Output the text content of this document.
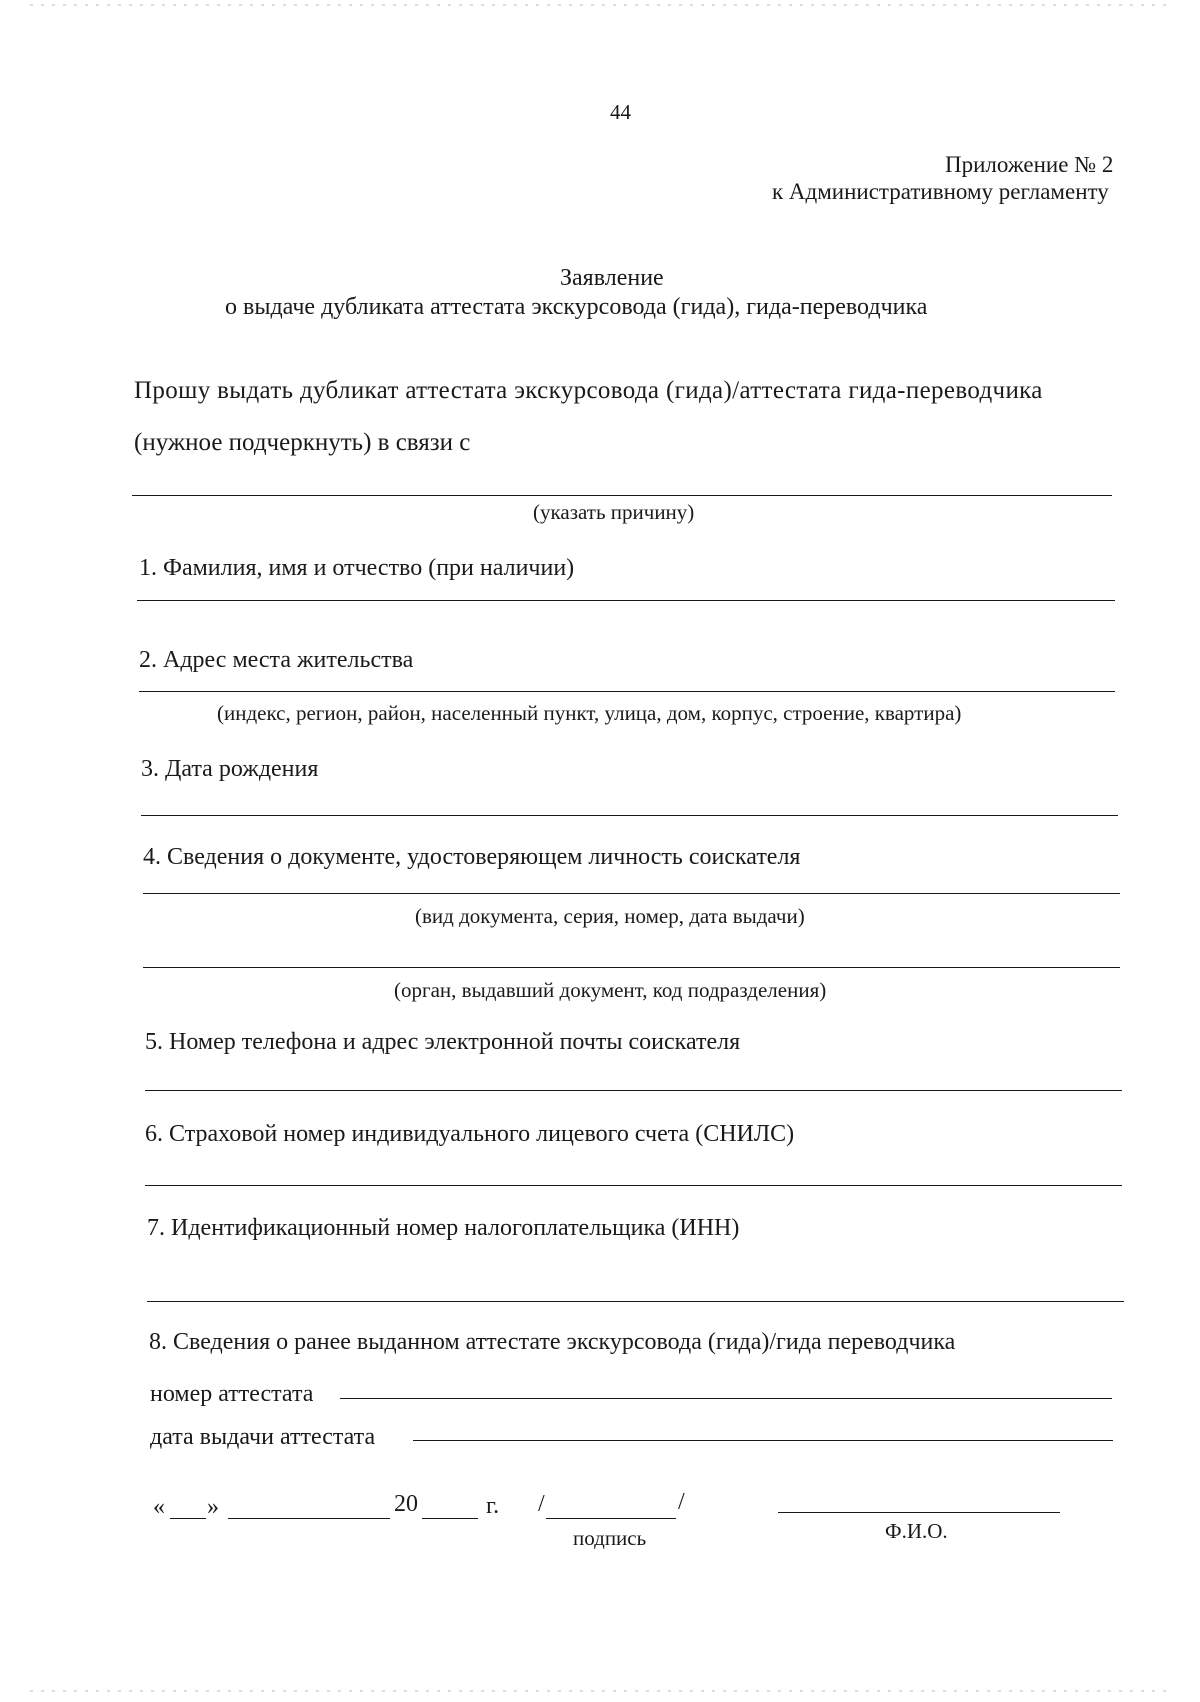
44
Приложение № 2
к Административному регламенту
Заявление
о выдаче дубликата аттестата экскурсовода (гида), гида-переводчика
Прошу выдать дубликат аттестата экскурсовода (гида)/аттестата гида-переводчика
(нужное подчеркнуть) в связи с
(указать причину)
1. Фамилия, имя и отчество (при наличии)
2. Адрес места жительства
(индекс, регион, район, населенный пункт, улица, дом, корпус, строение, квартира)
3. Дата рождения
4. Сведения о документе, удостоверяющем личность соискателя
(вид документа, серия, номер, дата выдачи)
(орган, выдавший документ, код подразделения)
5. Номер телефона и адрес электронной почты соискателя
6. Страховой номер индивидуального лицевого счета (СНИЛС)
7. Идентификационный номер налогоплательщика (ИНН)
8. Сведения о ранее выданном аттестате экскурсовода (гида)/гида переводчика
номер аттестата
дата выдачи аттестата
« »	20	г. /	/
подпись	Ф.И.О.
